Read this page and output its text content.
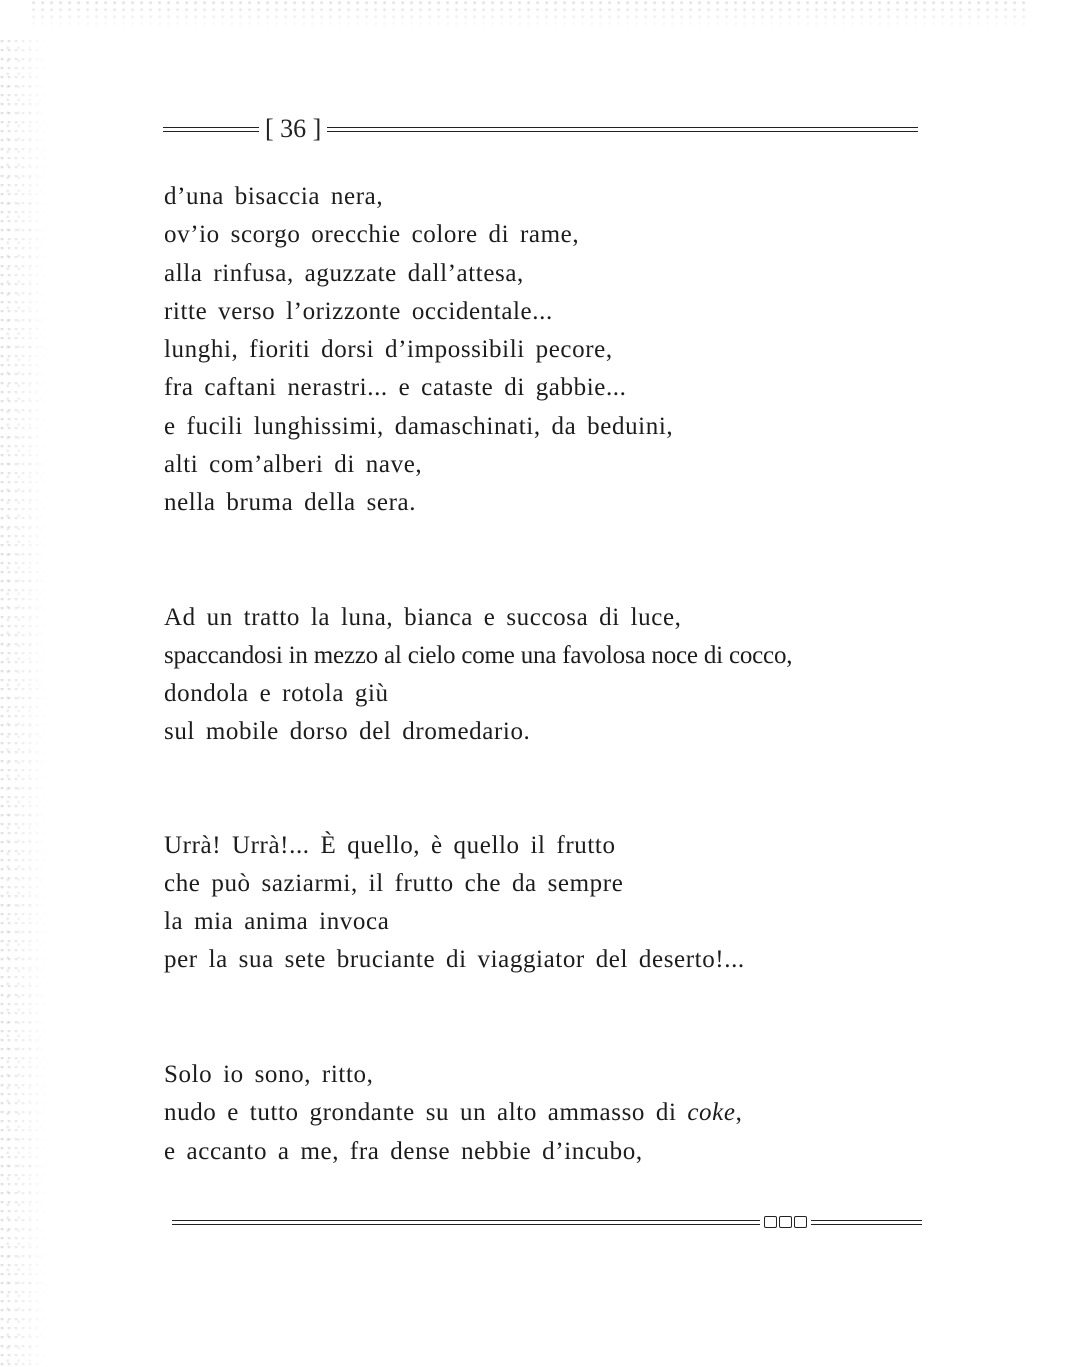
[ 36 ]
d’una bisaccia nera,
ov’io scorgo orecchie colore di rame,
alla rinfusa, aguzzate dall’attesa,
ritte verso l’orizzonte occidentale...
lunghi, fioriti dorsi d’impossibili pecore,
fra caftani nerastri... e cataste di gabbie...
e fucili lunghissimi, damaschinati, da beduini,
alti com’alberi di nave,
nella bruma della sera.
Ad un tratto la luna, bianca e succosa di luce,
spaccandosi in mezzo al cielo come una favolosa noce di cocco,
dondola e rotola giù
sul mobile dorso del dromedario.
Urrà! Urrà!... È quello, è quello il frutto
che può saziarmi, il frutto che da sempre
la mia anima invoca
per la sua sete bruciante di viaggiator del deserto!...
Solo io sono, ritto,
nudo e tutto grondante su un alto ammasso di coke,
e accanto a me, fra dense nebbie d’incubo,
